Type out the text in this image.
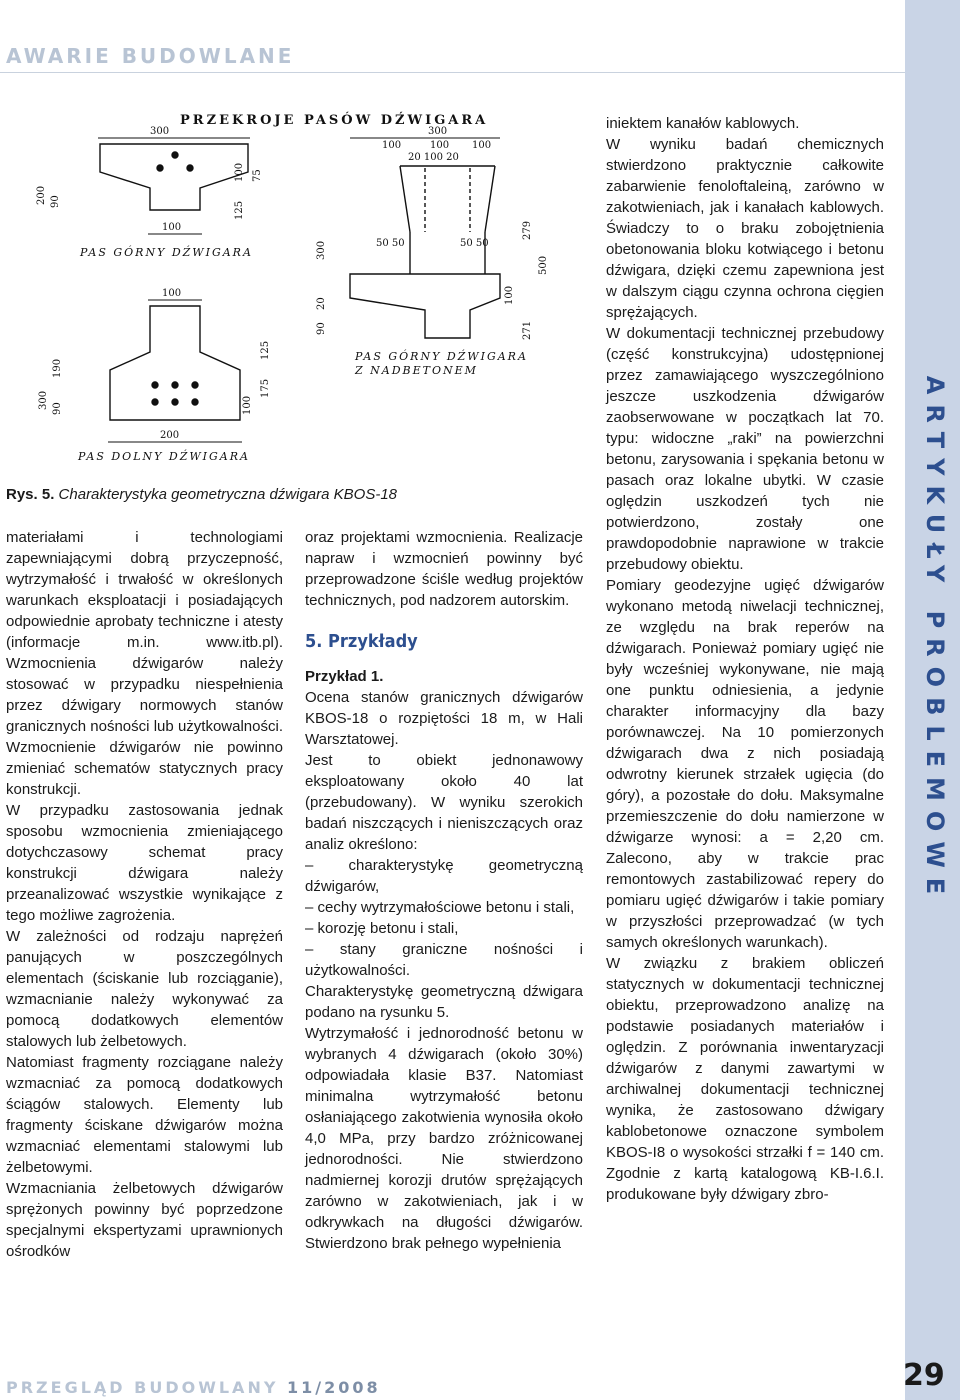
AWARIE BUDOWLANE
ARTYKUŁY PROBLEMOWE
PRZEKROJE PASÓW DŹWIGARA
300
100
200 90
100 75
125
PAS GÓRNY DŹWIGARA
100
200
300
190
90
125
100
175
PAS DOLNY DŹWIGARA
300
100	100 100
20 100 20
50 50	50 50
300
90
20
279
500
100
271
PAS GÓRNY DŹWIGARA
Z NADBETONEM
Rys. 5. Charakterystyka geometryczna dźwigara KBOS-18

materiałami i technologiami zapewniającymi dobrą przyczepność, wytrzymałość i trwałość w określonych warunkach eksploatacji i posiadających odpowiednie aprobaty techniczne i atesty (informacje m.in. www.itb.pl). Wzmocnienia dźwigarów należy stosować w przypadku niespełnienia przez dźwigary normowych stanów granicznych nośności lub użytkowalności. Wzmocnienie dźwigarów nie powinno zmieniać schematów statycznych pracy konstrukcji.

W przypadku zastosowania jednak sposobu wzmocnienia zmieniającego dotychczasowy schemat pracy konstrukcji dźwigara należy przeanalizować wszystkie wynikające z tego możliwe zagrożenia.

W zależności od rodzaju naprężeń panujących w poszczególnych elementach (ściskanie lub rozciąganie), wzmacnianie należy wykonywać za pomocą dodatkowych elementów stalowych lub żelbetowych.

Natomiast fragmenty rozciągane należy wzmacniać za pomocą dodatkowych ściągów stalowych. Elementy lub fragmenty ściskane dźwigarów można wzmacniać elementami stalowymi lub żelbetowymi.

Wzmacniania żelbetowych dźwigarów sprężonych powinny być poprzedzone specjalnymi ekspertyzami uprawnionych ośrodków

oraz projektami wzmocnienia. Realizacje napraw i wzmocnień powinny być przeprowadzone ściśle według projektów technicznych, pod nadzorem autorskim.

5. Przykłady

Przykład 1.

Ocena stanów granicznych dźwigarów KBOS-18 o rozpiętości 18 m, w Hali Warsztatowej.

Jest to obiekt jednonawowy eksploatowany około 40 lat (przebudowany). W wyniku szerokich badań niszczących i nieniszczących oraz analiz określono:

– charakterystykę geometryczną dźwigarów,

– cechy wytrzymałościowe betonu i stali,

– korozję betonu i stali,

– stany graniczne nośności i użytkowalności.

Charakterystykę geometryczną dźwigara podano na rysunku 5.

Wytrzymałość i jednorodność betonu w wybranych 4 dźwigarach (około 30%) odpowiadała klasie B37. Natomiast minimalna wytrzymałość betonu osłaniającego zakotwienia wynosiła około 4,0 MPa, przy bardzo zróżnicowanej jednorodności. Nie stwierdzono nadmiernej korozji drutów sprężających zarówno w zakotwieniach, jak i w odkrywkach na długości dźwigarów. Stwierdzono brak pełnego wypełnienia

iniektem kanałów kablowych.

W wyniku badań chemicznych stwierdzono praktycznie całkowite zabarwienie fenoloftaleiną, zarówno w zakotwieniach, jak i kanałach kablowych. Świadczy to o braku zobojętnienia obetonowania bloku kotwiącego i betonu dźwigara, dzięki czemu zapewniona jest w dalszym ciągu czynna ochrona cięgien sprężających.

W dokumentacji technicznej przebudowy (część konstrukcyjna) udostępnionej przez zamawiającego wyszczególniono jeszcze uszkodzenia dźwigarów zaobserwowane w początkach lat 70. typu: widoczne „raki” na powierzchni betonu, zarysowania i spękania betonu w pasach oraz lokalne ubytki. W czasie oględzin uszkodzeń tych nie potwierdzono, zostały one prawdopodobnie naprawione w trakcie przebudowy obiektu.

Pomiary geodezyjne ugięć dźwigarów wykonano metodą niwelacji technicznej, ze względu na brak reperów na dźwigarach. Ponieważ pomiary ugięć nie były wcześniej wykonywane, nie mają one punktu odniesienia, a jedynie charakter informacyjny dla bazy porównawczej. Na 10 pomierzonych dźwigarach dwa z nich posiadają odwrotny kierunek strzałek ugięcia (do góry), a pozostałe do dołu. Maksymalne przemieszczenie do dołu namierzone w dźwigarze wynosi: a = 2,20 cm. Zalecono, aby w trakcie prac remontowych zastabilizować repery do pomiaru ugięć dźwigarów i takie pomiary w przyszłości przeprowadzać (w tych samych określonych warunkach).

W związku z brakiem obliczeń statycznych w dokumentacji technicznej obiektu, przeprowadzono analizę na podstawie posiadanych materiałów i oględzin. Z porównania inwentaryzacji dźwigarów z danymi zawartymi w archiwalnej dokumentacji technicznej wynika, że zastosowano dźwigary kablobetonowe oznaczone symbolem KBOS-I8 o wysokości strzałki f = 140 cm. Zgodnie z kartą katalogową KB-I.6.I. produkowane były dźwigary zbro-

PRZEGLĄD BUDOWLANY 11/2008	29
